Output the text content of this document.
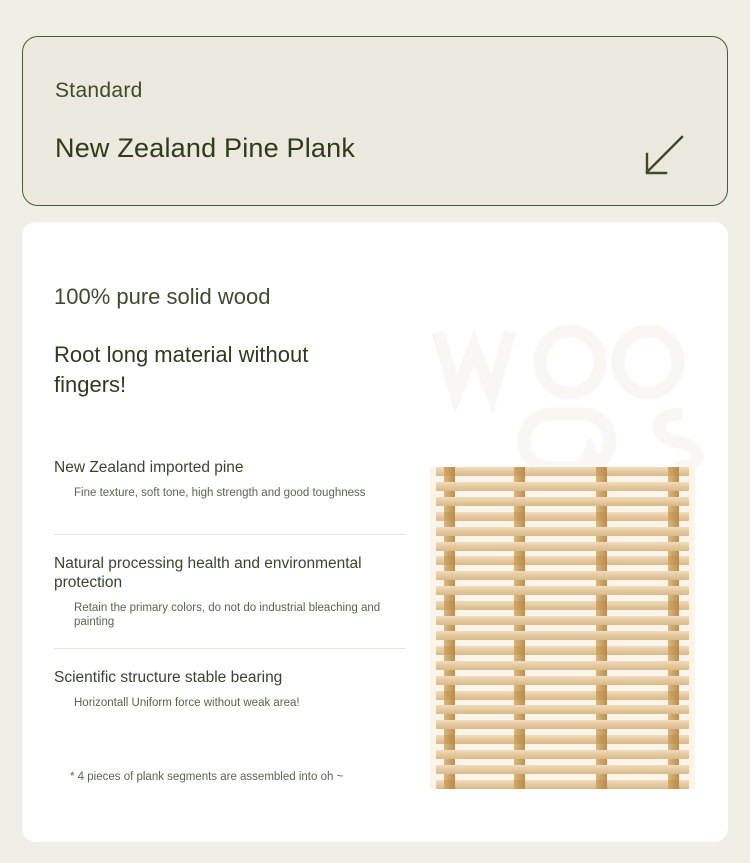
Standard
New Zealand Pine Plank
100% pure solid wood
Root long material without fingers!
New Zealand imported pine
Fine texture, soft tone, high strength and good toughness
Natural processing health and environmental protection
Retain the primary colors, do not do industrial bleaching and painting
Scientific structure stable bearing
Horizontall Uniform force without weak area!
* 4 pieces of plank segments are assembled into oh ~
